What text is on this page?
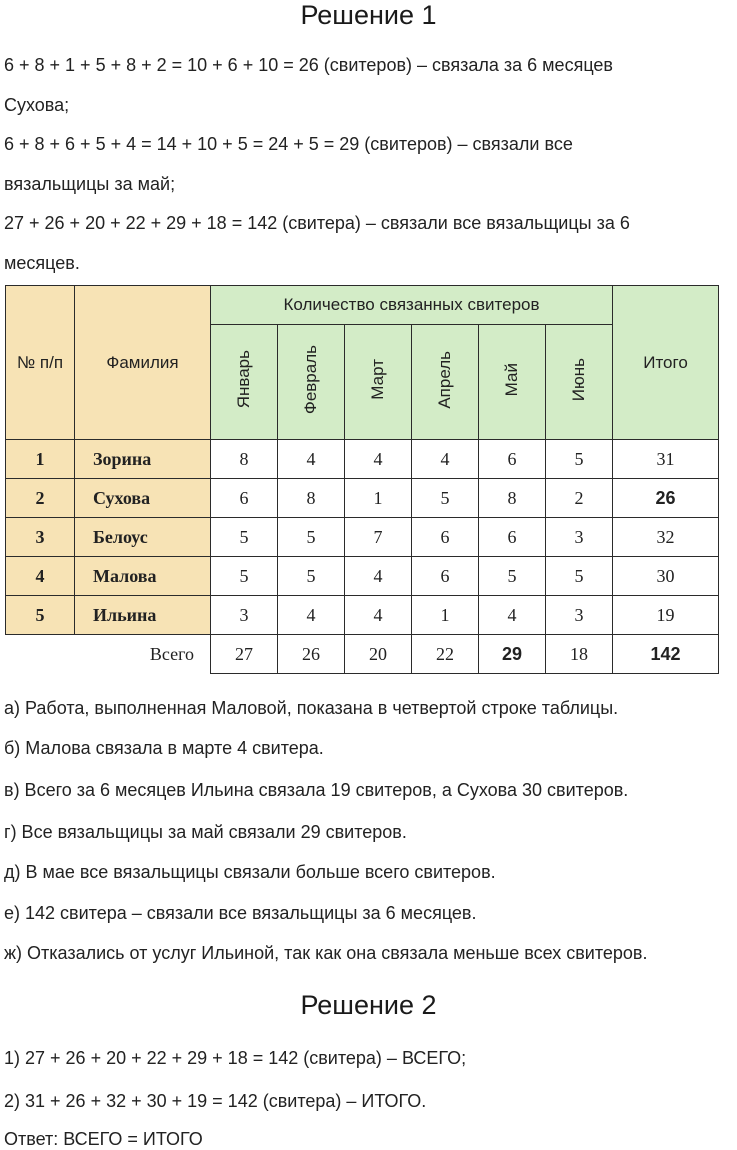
Решение 1
6 + 8 + 1 + 5 + 8 + 2 = 10 + 6 + 10 = 26 (свитеров) – связала за 6 месяцев
Сухова;
6 + 8 + 6 + 5 + 4 = 14 + 10 + 5 = 24 + 5 = 29 (свитеров) – связали все
вязальщицы за май;
27 + 26 + 20 + 22 + 29 + 18 = 142 (свитера) – связали все вязальщицы за 6
месяцев.
№ п/п	Фамилия	Количество связанных свитеров						Итого
		Январь	Февраль	Март	Апрель	Май	Июнь	
1	Зорина	8	4	4	4	6	5	31
2	Сухова	6	8	1	5	8	2	26
3	Белоус	5	5	7	6	6	3	32
4	Малова	5	5	4	6	5	5	30
5	Ильина	3	4	4	1	4	3	19
	Всего	27	26	20	22	29	18	142
а) Работа, выполненная Маловой, показана в четвертой строке таблицы.
б) Малова связала в марте 4 свитера.
в) Всего за 6 месяцев Ильина связала 19 свитеров, а Сухова 30 свитеров.
г) Все вязальщицы за май связали 29 свитеров.
д) В мае все вязальщицы связали больше всего свитеров.
е) 142 свитера – связали все вязальщицы за 6 месяцев.
ж) Отказались от услуг Ильиной, так как она связала меньше всех свитеров.
Решение 2
1) 27 + 26 + 20 + 22 + 29 + 18 = 142 (свитера) – ВСЕГО;
2) 31 + 26 + 32 + 30 + 19 = 142 (свитера) – ИТОГО.
Ответ: ВСЕГО = ИТОГО
